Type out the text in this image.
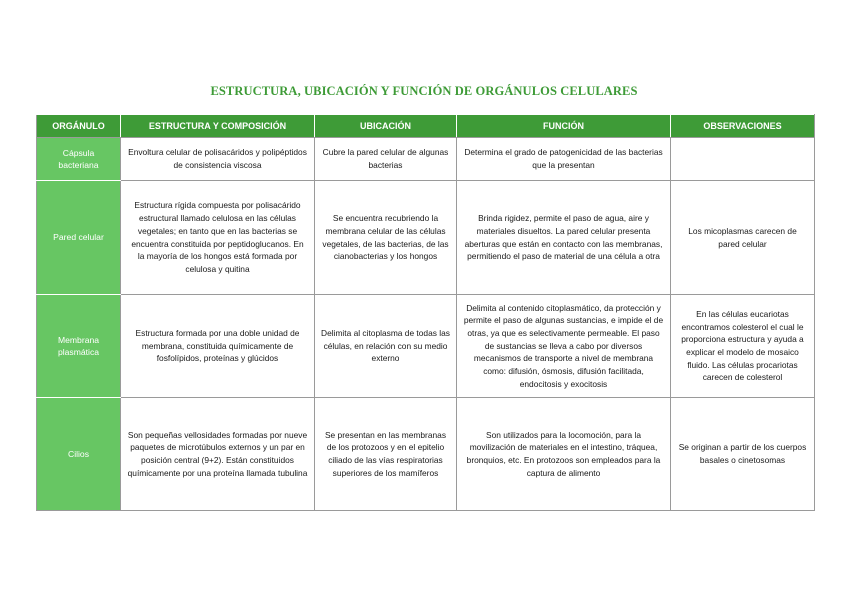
ESTRUCTURA, UBICACIÓN Y FUNCIÓN DE ORGÁNULOS CELULARES
ORGÁNULO	ESTRUCTURA Y COMPOSICIÓN	UBICACIÓN	FUNCIÓN	OBSERVACIONES
Cápsula bacteriana	Envoltura celular de polisacáridos y polipéptidos de consistencia viscosa	Cubre la pared celular de algunas bacterias	Determina el grado de patogenicidad de las bacterias que la presentan	
Pared celular	Estructura rígida compuesta por polisacárido estructural llamado celulosa en las células vegetales; en tanto que en las bacterias se encuentra constituida por peptidoglucanos. En la mayoría de los hongos está formada por celulosa y quitina	Se encuentra recubriendo la membrana celular de las células vegetales, de las bacterias, de las cianobacterias y los hongos	Brinda rigidez, permite el paso de agua, aire y materiales disueltos. La pared celular presenta aberturas que están en contacto con las membranas, permitiendo el paso de material de una célula a otra	Los micoplasmas carecen de pared celular
Membrana plasmática	Estructura formada por una doble unidad de membrana, constituida químicamente de fosfolípidos, proteínas y glúcidos	Delimita al citoplasma de todas las células, en relación con su medio externo	Delimita al contenido citoplasmático, da protección y permite el paso de algunas sustancias, e impide el de otras, ya que es selectivamente permeable. El paso de sustancias se lleva a cabo por diversos mecanismos de transporte a nivel de membrana como: difusión, ósmosis, difusión facilitada, endocitosis y exocitosis	En las células eucariotas encontramos colesterol el cual le proporciona estructura y ayuda a explicar el modelo de mosaico fluido. Las células procariotas carecen de colesterol
Cilios	Son pequeñas vellosidades formadas por nueve paquetes de microtúbulos externos y un par en posición central (9+2). Están constituidos químicamente por una proteína llamada tubulina	Se presentan en las membranas de los protozoos y en el epitelio ciliado de las vías respiratorias superiores de los mamíferos	Son utilizados para la locomoción, para la movilización de materiales en el intestino, tráquea, bronquios, etc. En protozoos son empleados para la captura de alimento	Se originan a partir de los cuerpos basales o cinetosomas
